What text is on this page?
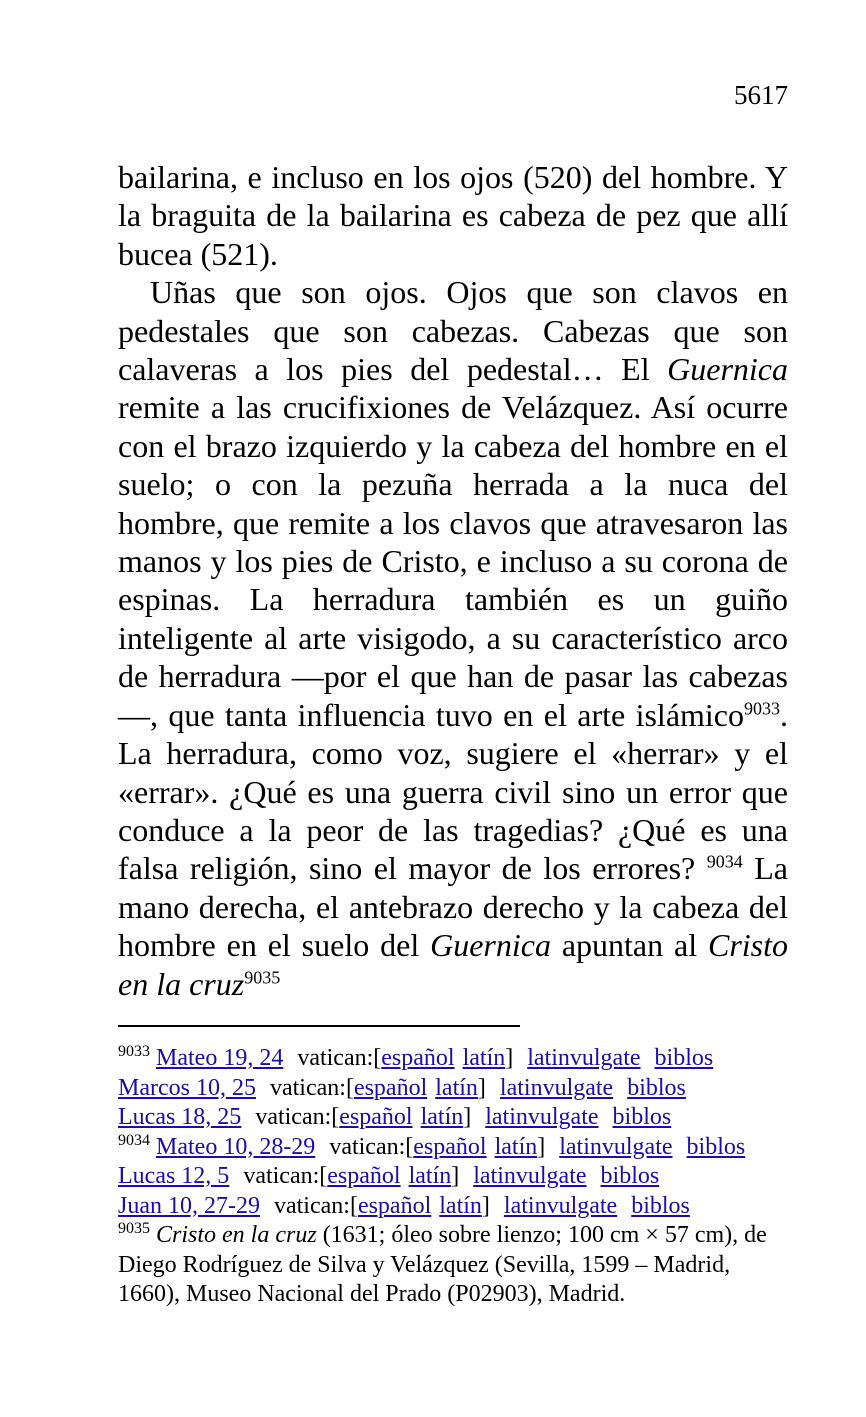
5617

bailarina, e incluso en los ojos (520) del hombre. Y la braguita de la bailarina es cabeza de pez que allí bucea (521).

Uñas que son ojos. Ojos que son clavos en pedestales que son cabezas. Cabezas que son calaveras a los pies del pedestal… El Guernica remite a las crucifixiones de Velázquez. Así ocurre con el brazo izquierdo y la cabeza del hombre en el suelo; o con la pezuña herrada a la nuca del hombre, que remite a los clavos que atravesaron las manos y los pies de Cristo, e incluso a su corona de espinas. La herradura también es un guiño inteligente al arte visigodo, a su característico arco de herradura —por el que han de pasar las cabezas—, que tanta influencia tuvo en el arte islámico$^{9033}$. La herradura, como voz, sugiere el «herrar» y el «errar». ¿Qué es una guerra civil sino un error que conduce a la peor de las tragedias? ¿Qué es una falsa religión, sino el mayor de los errores? $^{9034}$ La mano derecha, el antebrazo derecho y la cabeza del hombre en el suelo del Guernica apuntan al Cristo en la cruz$^{9035}$

$^{9033}$ Mateo 19, 24 vatican:[español latín] latinvulgate biblos
Marcos 10, 25 vatican:[español latín] latinvulgate biblos
Lucas 18, 25 vatican:[español latín] latinvulgate biblos
$^{9034}$ Mateo 10, 28-29 vatican:[español latín] latinvulgate biblos
Lucas 12, 5 vatican:[español latín] latinvulgate biblos
Juan 10, 27-29 vatican:[español latín] latinvulgate biblos
$^{9035}$ Cristo en la cruz (1631; óleo sobre lienzo; 100 cm × 57 cm), de Diego Rodríguez de Silva y Velázquez (Sevilla, 1599 – Madrid, 1660), Museo Nacional del Prado (P02903), Madrid.
